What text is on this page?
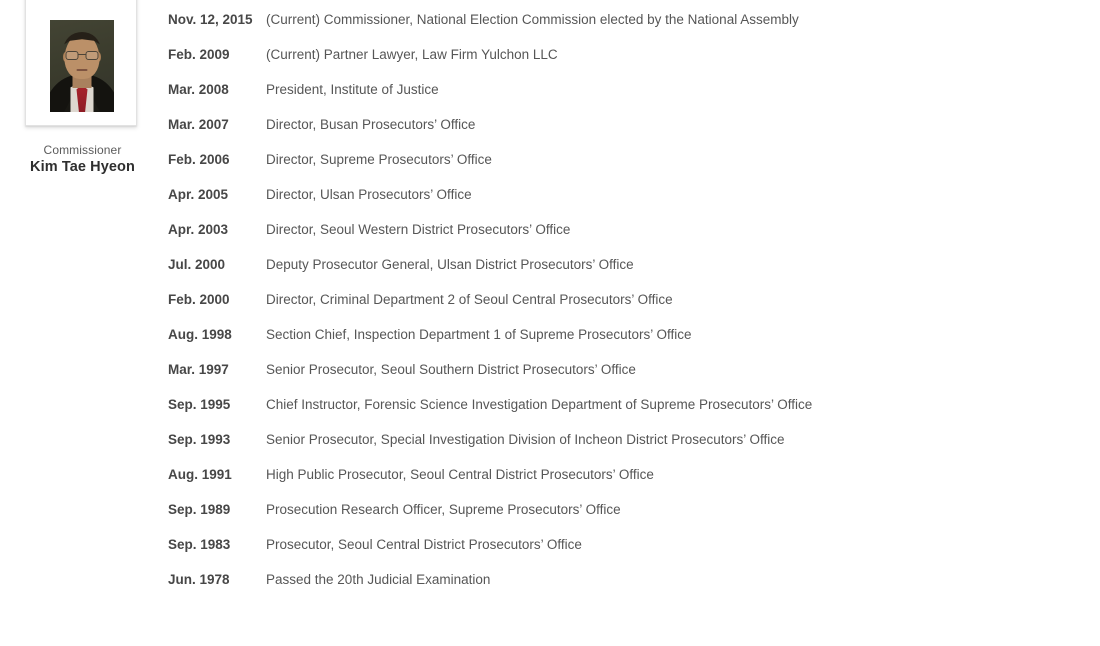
Commissioner
Kim Tae Hyeon
Nov. 12, 2015 (Current) Commissioner, National Election Commission elected by the National Assembly
Feb. 2009	(Current) Partner Lawyer, Law Firm Yulchon LLC
Mar. 2008	President, Institute of Justice
Mar. 2007	Director, Busan Prosecutors’ Office
Feb. 2006	Director, Supreme Prosecutors’ Office
Apr. 2005	Director, Ulsan Prosecutors’ Office
Apr. 2003	Director, Seoul Western District Prosecutors’ Office
Jul. 2000	Deputy Prosecutor General, Ulsan District Prosecutors’ Office
Feb. 2000	Director, Criminal Department 2 of Seoul Central Prosecutors’ Office
Aug. 1998	Section Chief, Inspection Department 1 of Supreme Prosecutors’ Office
Mar. 1997	Senior Prosecutor, Seoul Southern District Prosecutors’ Office
Sep. 1995	Chief Instructor, Forensic Science Investigation Department of Supreme Prosecutors’ Office
Sep. 1993	Senior Prosecutor, Special Investigation Division of Incheon District Prosecutors’ Office
Aug. 1991	High Public Prosecutor, Seoul Central District Prosecutors’ Office
Sep. 1989	Prosecution Research Officer, Supreme Prosecutors’ Office
Sep. 1983	Prosecutor, Seoul Central District Prosecutors’ Office
Jun. 1978	Passed the 20th Judicial Examination
